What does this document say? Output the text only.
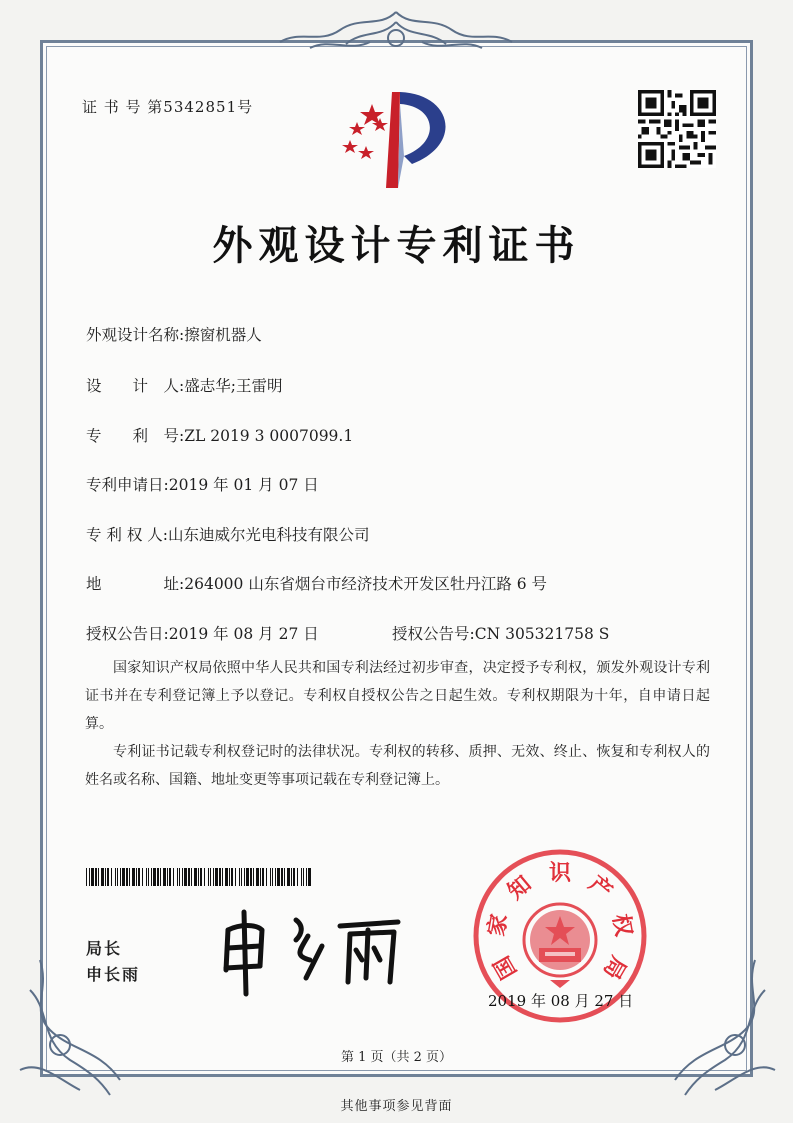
证 书 号 第5342851号
外观设计专利证书
外观设计名称:擦窗机器人
设　　计　人:盛志华;王雷明
专　　利　号:ZL 2019 3 0007099.1
专利申请日:2019 年 01 月 07 日
专 利 权 人:山东迪威尔光电科技有限公司
地　　　　址:264000 山东省烟台市经济技术开发区牡丹江路 6 号
授权公告日:2019 年 08 月 27 日	授权公告号:CN 305321758 S
国家知识产权局依照中华人民共和国专利法经过初步审查，决定授予专利权，颁发外观设计专利证书并在专利登记簿上予以登记。专利权自授权公告之日起生效。专利权期限为十年，自申请日起算。
专利证书记载专利权登记时的法律状况。专利权的转移、质押、无效、终止、恢复和专利权人的姓名或名称、国籍、地址变更等事项记载在专利登记簿上。
局长
申长雨	国
家
知 识 产
权
局
2019 年 08 月 27 日
第 1 页（共 2 页）
其他事项参见背面
